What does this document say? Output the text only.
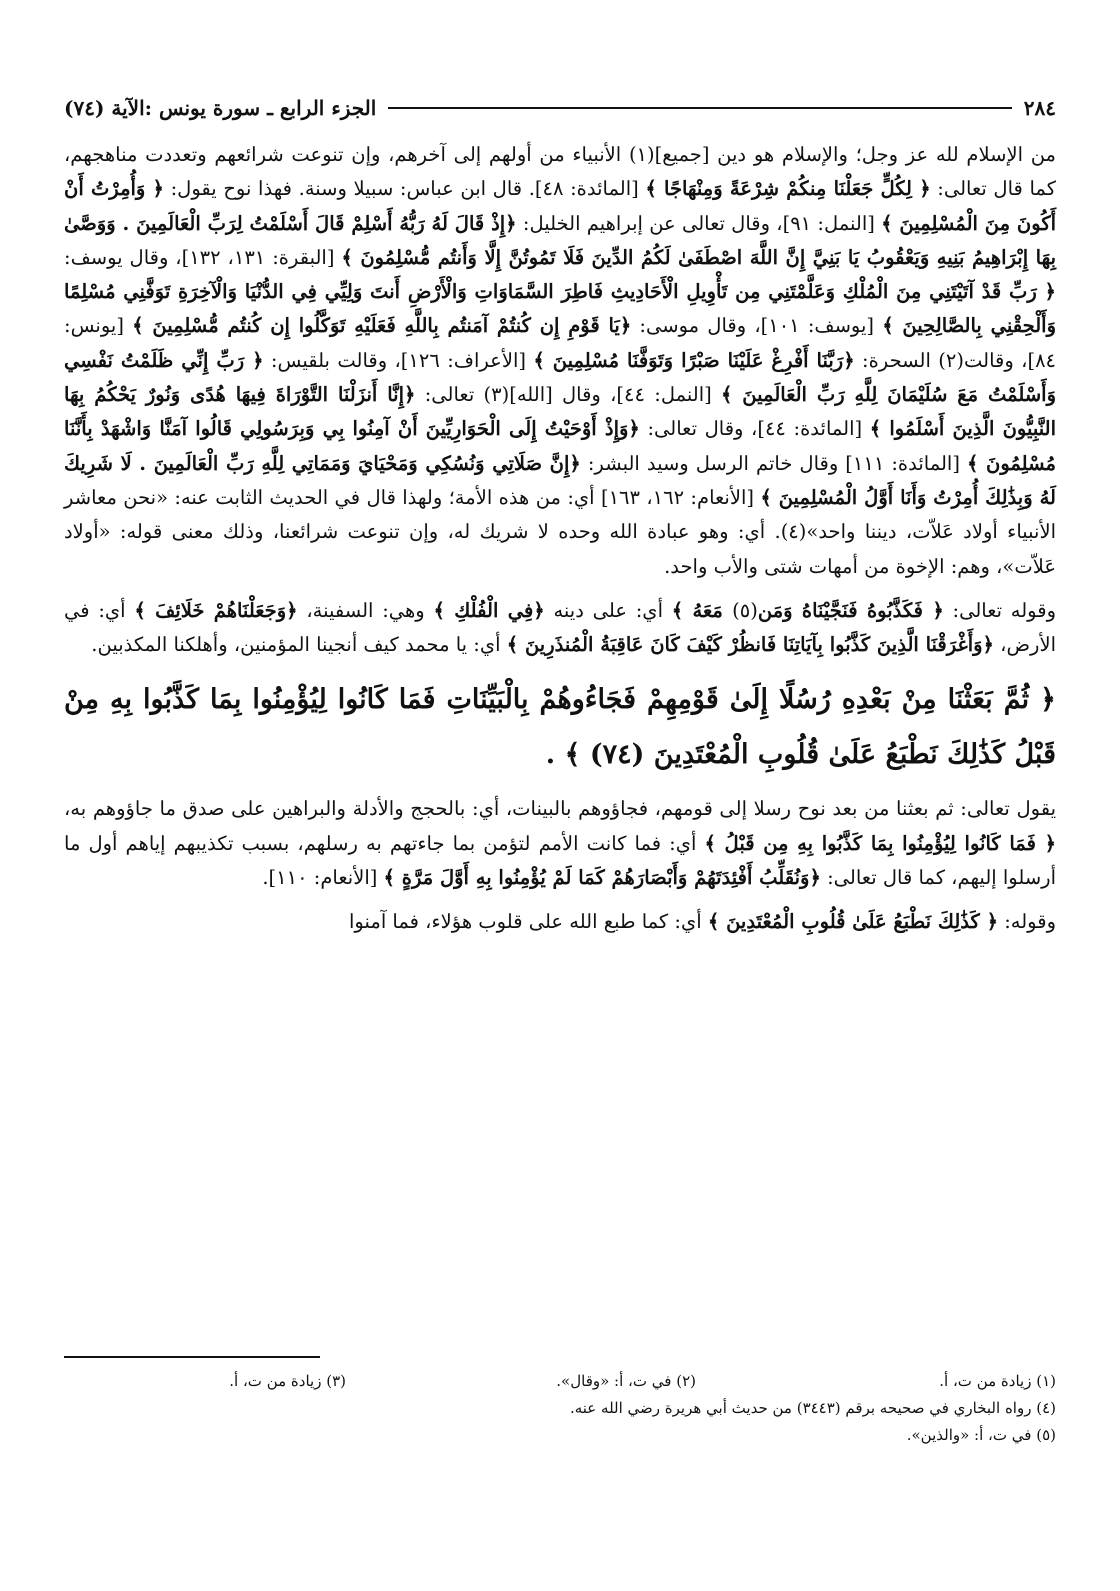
٢٨٤
الجزء الرابع ـ سورة يونس :الآية (٧٤)

من الإسلام لله عز وجل؛ والإسلام هو دين [جميع](١) الأنبياء من أولهم إلى آخرهم، وإن تنوعت شرائعهم وتعددت مناهجهم، كما قال تعالى: ﴿ لِكُلٍّ جَعَلْنَا مِنكُمْ شِرْعَةً وَمِنْهَاجًا ﴾ [المائدة: ٤٨]. قال ابن عباس: سبيلا وسنة. فهذا نوح يقول: ﴿ وَأُمِرْتُ أَنْ أَكُونَ مِنَ الْمُسْلِمِينَ ﴾ [النمل: ٩١]، وقال تعالى عن إبراهيم الخليل: ﴿إِذْ قَالَ لَهُ رَبُّهُ أَسْلِمْ قَالَ أَسْلَمْتُ لِرَبِّ الْعَالَمِينَ . وَوَصَّىٰ بِهَا إِبْرَاهِيمُ بَنِيهِ وَيَعْقُوبُ يَا بَنِيَّ إِنَّ اللَّهَ اصْطَفَىٰ لَكُمُ الدِّينَ فَلَا تَمُوتُنَّ إِلَّا وَأَنتُم مُّسْلِمُونَ ﴾ [البقرة: ١٣١، ١٣٢]، وقال يوسف: ﴿ رَبِّ قَدْ آتَيْتَنِي مِنَ الْمُلْكِ وَعَلَّمْتَنِي مِن تَأْوِيلِ الْأَحَادِيثِ فَاطِرَ السَّمَاوَاتِ وَالْأَرْضِ أَنتَ وَلِيِّي فِي الدُّنْيَا وَالْآخِرَةِ تَوَفَّنِي مُسْلِمًا وَأَلْحِقْنِي بِالصَّالِحِينَ ﴾ [يوسف: ١٠١]، وقال موسى: ﴿يَا قَوْمِ إِن كُنتُمْ آمَنتُم بِاللَّهِ فَعَلَيْهِ تَوَكَّلُوا إِن كُنتُم مُّسْلِمِينَ ﴾ [يونس: ٨٤]، وقالت(٢) السحرة: ﴿رَبَّنَا أَفْرِغْ عَلَيْنَا صَبْرًا وَتَوَفَّنَا مُسْلِمِينَ ﴾ [الأعراف: ١٢٦]، وقالت بلقيس: ﴿ رَبِّ إِنِّي ظَلَمْتُ نَفْسِي وَأَسْلَمْتُ مَعَ سُلَيْمَانَ لِلَّهِ رَبِّ الْعَالَمِينَ ﴾ [النمل: ٤٤]، وقال [الله](٣) تعالى: ﴿إِنَّا أَنزَلْنَا التَّوْرَاةَ فِيهَا هُدًى وَنُورٌ يَحْكُمُ بِهَا النَّبِيُّونَ الَّذِينَ أَسْلَمُوا ﴾ [المائدة: ٤٤]، وقال تعالى: ﴿وَإِذْ أَوْحَيْتُ إِلَى الْحَوَارِيِّينَ أَنْ آمِنُوا بِي وَبِرَسُولِي قَالُوا آمَنَّا وَاشْهَدْ بِأَنَّنَا مُسْلِمُونَ ﴾ [المائدة: ١١١] وقال خاتم الرسل وسيد البشر: ﴿إِنَّ صَلَاتِي وَنُسُكِي وَمَحْيَايَ وَمَمَاتِي لِلَّهِ رَبِّ الْعَالَمِينَ . لَا شَرِيكَ لَهُ وَبِذَٰلِكَ أُمِرْتُ وَأَنَا أَوَّلُ الْمُسْلِمِينَ ﴾ [الأنعام: ١٦٢، ١٦٣] أي: من هذه الأمة؛ ولهذا قال في الحديث الثابت عنه: «نحن معاشر الأنبياء أولاد عَلاّت، ديننا واحد»(٤). أي: وهو عبادة الله وحده لا شريك له، وإن تنوعت شرائعنا، وذلك معنى قوله: «أولاد عَلاّت»، وهم: الإخوة من أمهات شتى والأب واحد.

وقوله تعالى: ﴿ فَكَذَّبُوهُ فَنَجَّيْنَاهُ وَمَن(٥) مَعَهُ ﴾ أي: على دينه ﴿فِي الْفُلْكِ ﴾ وهي: السفينة، ﴿وَجَعَلْنَاهُمْ خَلَائِفَ ﴾ أي: في الأرض، ﴿وَأَغْرَقْنَا الَّذِينَ كَذَّبُوا بِآيَاتِنَا فَانظُرْ كَيْفَ كَانَ عَاقِبَةُ الْمُنذَرِينَ ﴾ أي: يا محمد كيف أنجينا المؤمنين، وأهلكنا المكذبين.

﴿ ثُمَّ بَعَثْنَا مِنْ بَعْدِهِ رُسُلًا إِلَىٰ قَوْمِهِمْ فَجَاءُوهُمْ بِالْبَيِّنَاتِ فَمَا كَانُوا لِيُؤْمِنُوا بِمَا كَذَّبُوا بِهِ مِنْ قَبْلُ كَذَٰلِكَ نَطْبَعُ عَلَىٰ قُلُوبِ الْمُعْتَدِينَ (٧٤) ﴾ .

يقول تعالى: ثم بعثنا من بعد نوح رسلا إلى قومهم، فجاؤوهم بالبينات، أي: بالحجج والأدلة والبراهين على صدق ما جاؤوهم به، ﴿ فَمَا كَانُوا لِيُؤْمِنُوا بِمَا كَذَّبُوا بِهِ مِن قَبْلُ ﴾ أي: فما كانت الأمم لتؤمن بما جاءتهم به رسلهم، بسبب تكذيبهم إياهم أول ما أرسلوا إليهم، كما قال تعالى: ﴿وَنُقَلِّبُ أَفْئِدَتَهُمْ وَأَبْصَارَهُمْ كَمَا لَمْ يُؤْمِنُوا بِهِ أَوَّلَ مَرَّةٍ ﴾ [الأنعام: ١١٠].

وقوله: ﴿ كَذَٰلِكَ نَطْبَعُ عَلَىٰ قُلُوبِ الْمُعْتَدِينَ ﴾ أي: كما طبع الله على قلوب هؤلاء، فما آمنوا

(١) زيادة من ت، أ.
(٢) في ت، أ: «وقال».
(٣) زيادة من ت، أ.
(٤) رواه البخاري في صحيحه برقم (٣٤٤٣) من حديث أبي هريرة رضي الله عنه.
(٥) في ت، أ: «والذين».
